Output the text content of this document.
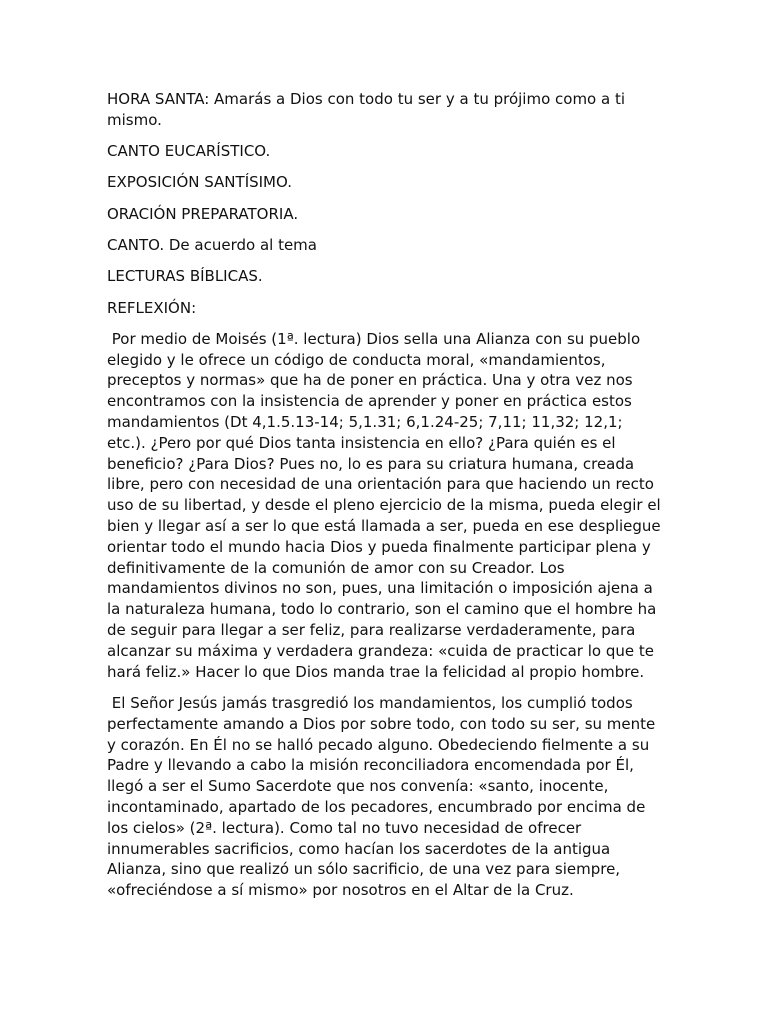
HORA SANTA: Amarás a Dios con todo tu ser y a tu prójimo como a ti mismo.

CANTO EUCARÍSTICO.

EXPOSICIÓN SANTÍSIMO.

ORACIÓN PREPARATORIA.

CANTO. De acuerdo al tema

LECTURAS BÍBLICAS.

REFLEXIÓN:

Por medio de Moisés (1ª. lectura) Dios sella una Alianza con su pueblo elegido y le ofrece un código de conducta moral, «mandamientos, preceptos y normas» que ha de poner en práctica. Una y otra vez nos encontramos con la insistencia de aprender y poner en práctica estos mandamientos (Dt 4,1.5.13-14; 5,1.31; 6,1.24-25; 7,11; 11,32; 12,1; etc.). ¿Pero por qué Dios tanta insistencia en ello? ¿Para quién es el beneficio? ¿Para Dios? Pues no, lo es para su criatura humana, creada libre, pero con necesidad de una orientación para que haciendo un recto uso de su libertad, y desde el pleno ejercicio de la misma, pueda elegir el bien y llegar así a ser lo que está llamada a ser, pueda en ese despliegue orientar todo el mundo hacia Dios y pueda finalmente participar plena y definitivamente de la comunión de amor con su Creador. Los mandamientos divinos no son, pues, una limitación o imposición ajena a la naturaleza humana, todo lo contrario, son el camino que el hombre ha de seguir para llegar a ser feliz, para realizarse verdaderamente, para alcanzar su máxima y verdadera grandeza: «cuida de practicar lo que te hará feliz.» Hacer lo que Dios manda trae la felicidad al propio hombre.

El Señor Jesús jamás trasgredió los mandamientos, los cumplió todos perfectamente amando a Dios por sobre todo, con todo su ser, su mente y corazón. En Él no se halló pecado alguno. Obedeciendo fielmente a su Padre y llevando a cabo la misión reconciliadora encomendada por Él, llegó a ser el Sumo Sacerdote que nos convenía: «santo, inocente, incontaminado, apartado de los pecadores, encumbrado por encima de los cielos» (2ª. lectura). Como tal no tuvo necesidad de ofrecer innumerables sacrificios, como hacían los sacerdotes de la antigua Alianza, sino que realizó un sólo sacrificio, de una vez para siempre, «ofreciéndose a sí mismo» por nosotros en el Altar de la Cruz.
